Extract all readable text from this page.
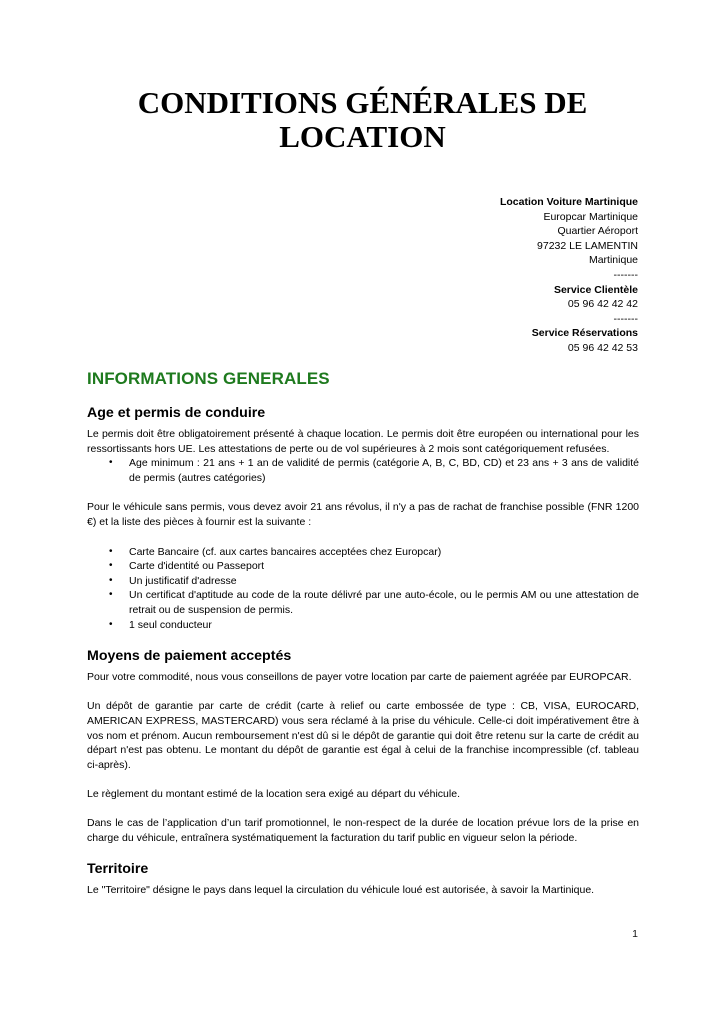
CONDITIONS GÉNÉRALES DE LOCATION
Location Voiture Martinique
Europcar Martinique
Quartier Aéroport
97232 LE LAMENTIN
Martinique
-------
Service Clientèle
05 96 42 42 42
-------
Service Réservations
05 96 42 42 53
INFORMATIONS GENERALES
Age et permis de conduire

Le permis doit être obligatoirement présenté à chaque location. Le permis doit être européen ou international pour les ressortissants hors UE. Les attestations de perte ou de vol supérieures à 2 mois sont catégoriquement refusées.

• Age minimum : 21 ans + 1 an de validité de permis (catégorie A, B, C, BD, CD) et 23 ans + 3 ans de validité de permis (autres catégories)

Pour le véhicule sans permis, vous devez avoir 21 ans révolus, il n'y a pas de rachat de franchise possible (FNR 1200 €) et la liste des pièces à fournir est la suivante :

• Carte Bancaire (cf. aux cartes bancaires acceptées chez Europcar)
• Carte d'identité ou Passeport
• Un justificatif d'adresse
• Un certificat d'aptitude au code de la route délivré par une auto-école, ou le permis AM ou une attestation de retrait ou de suspension de permis.
• 1 seul conducteur
Moyens de paiement acceptés

Pour votre commodité, nous vous conseillons de payer votre location par carte de paiement agréée par EUROPCAR.

Un dépôt de garantie par carte de crédit (carte à relief ou carte embossée de type : CB, VISA, EUROCARD, AMERICAN EXPRESS, MASTERCARD) vous sera réclamé à la prise du véhicule. Celle-ci doit impérativement être à vos nom et prénom. Aucun remboursement n'est dû si le dépôt de garantie qui doit être retenu sur la carte de crédit au départ n'est pas obtenu. Le montant du dépôt de garantie est égal à celui de la franchise incompressible (cf. tableau ci-après).

Le règlement du montant estimé de la location sera exigé au départ du véhicule.

Dans le cas de l’application d’un tarif promotionnel, le non-respect de la durée de location prévue lors de la prise en charge du véhicule, entraînera systématiquement la facturation du tarif public en vigueur selon la période.

Territoire

Le "Territoire" désigne le pays dans lequel la circulation du véhicule loué est autorisée, à savoir la Martinique.

1
